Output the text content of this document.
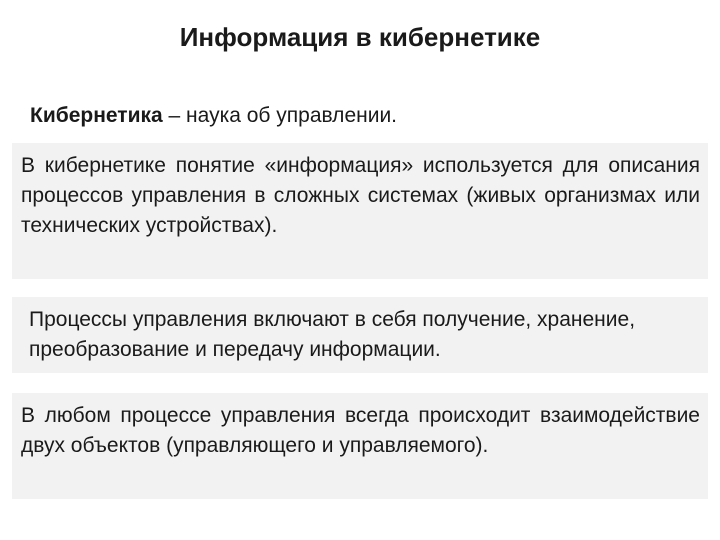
Информация в кибернетике
Кибернетика – наука об управлении.

В кибернетике понятие «информация» используется для описания процессов управления в сложных системах (живых организмах или технических устройствах).

Процессы управления включают в себя получение, хранение, преобразование и передачу информации.

В любом процессе управления всегда происходит взаимодействие двух объектов (управляющего и управляемого).
